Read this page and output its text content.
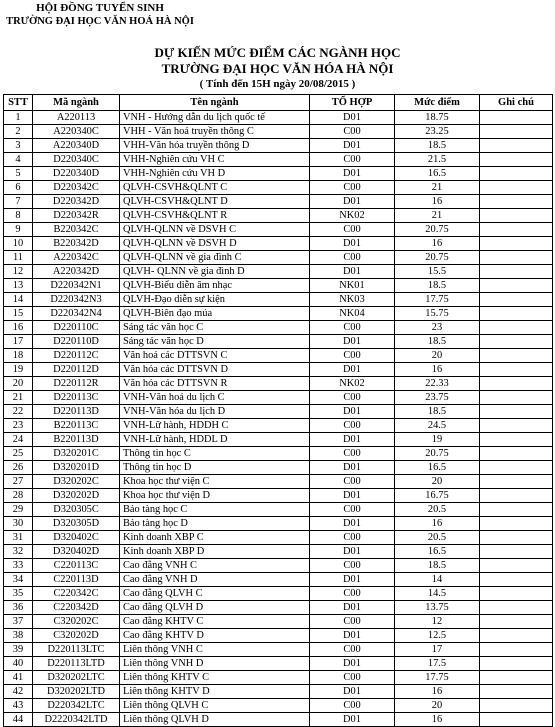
HỘI ĐỒNG TUYỂN SINH
TRƯỜNG ĐẠI HỌC VĂN HOÁ HÀ NỘI
DỰ KIẾN MỨC ĐIỂM CÁC NGÀNH HỌC
TRƯỜNG ĐẠI HỌC VĂN HÓA HÀ NỘI
( Tính đến 15H ngày 20/08/2015 )
STT	Mã ngành	Tên ngành	TỔ HỢP	Mức điểm	Ghi chú
1	A220113	VNH - Hướng dẫn du lịch quốc tế	D01	18.75	
2	A220340C	VHH - Văn hoá truyền thông C	C00	23.25	
3	A220340D	VHH-Văn hóa truyền thông D	D01	18.5	
4	D220340C	VHH-Nghiên cứu VH C	C00	21.5	
5	D220340D	VHH-Nghiên cứu VH D	D01	16.5	
6	D220342C	QLVH-CSVH&QLNT C	C00	21	
7	D220342D	QLVH-CSVH&QLNT D	D01	16	
8	D220342R	QLVH-CSVH&QLNT R	NK02	21	
9	B220342C	QLVH-QLNN về DSVH C	C00	20.75	
10	B220342D	QLVH-QLNN về DSVH D	D01	16	
11	A220342C	QLVH-QLNN về gia đình C	C00	20.75	
12	A220342D	QLVH- QLNN về gia đình D	D01	15.5	
13	D220342N1	QLVH-Biểu diễn âm nhạc	NK01	18.5	
14	D220342N3	QLVH-Đạo diễn sự kiện	NK03	17.75	
15	D220342N4	QLVH-Biên đạo múa	NK04	15.75	
16	D220110C	Sáng tác văn học C	C00	23	
17	D220110D	Sáng tác văn học D	D01	18.5	
18	D220112C	Văn hoá các DTTSVN C	C00	20	
19	D220112D	Văn hóa các DTTSVN D	D01	16	
20	D220112R	Văn hóa các DTTSVN R	NK02	22.33	
21	D220113C	VNH-Văn hoá du lịch C	C00	23.75	
22	D220113D	VNH-Văn hóa du lịch D	D01	18.5	
23	B220113C	VNH-Lữ hành, HDDH C	C00	24.5	
24	B220113D	VNH-Lữ hành, HDDL D	D01	19	
25	D320201C	Thông tin học C	C00	20.75	
26	D320201D	Thông tin học D	D01	16.5	
27	D320202C	Khoa học thư viện C	C00	20	
28	D320202D	Khoa học thư viện D	D01	16.75	
29	D320305C	Bảo tàng học C	C00	20.5	
30	D320305D	Bảo tàng học D	D01	16	
31	D320402C	Kinh doanh XBP C	C00	20.5	
32	D320402D	Kinh doanh XBP D	D01	16.5	
33	C220113C	Cao đẳng VNH C	C00	18.5	
34	C220113D	Cao đẳng VNH D	D01	14	
35	C220342C	Cao đẳng QLVH C	C00	14.5	
36	C220342D	Cao đẳng QLVH D	D01	13.75	
37	C320202C	Cao đẳng KHTV C	C00	12	
38	C320202D	Cao đẳng KHTV D	D01	12.5	
39	D220113LTC	Liên thông VNH C	C00	17	
40	D220113LTD	Liên thông VNH D	D01	17.5	
41	D320202LTC	Liên thông KHTV C	C00	17.75	
42	D320202LTD	Liên thông KHTV D	D01	16	
43	D220342LTC	Liên thông QLVH C	C00	20	
44	D2220342LTD	Liên thông QLVH D	D01	16	
